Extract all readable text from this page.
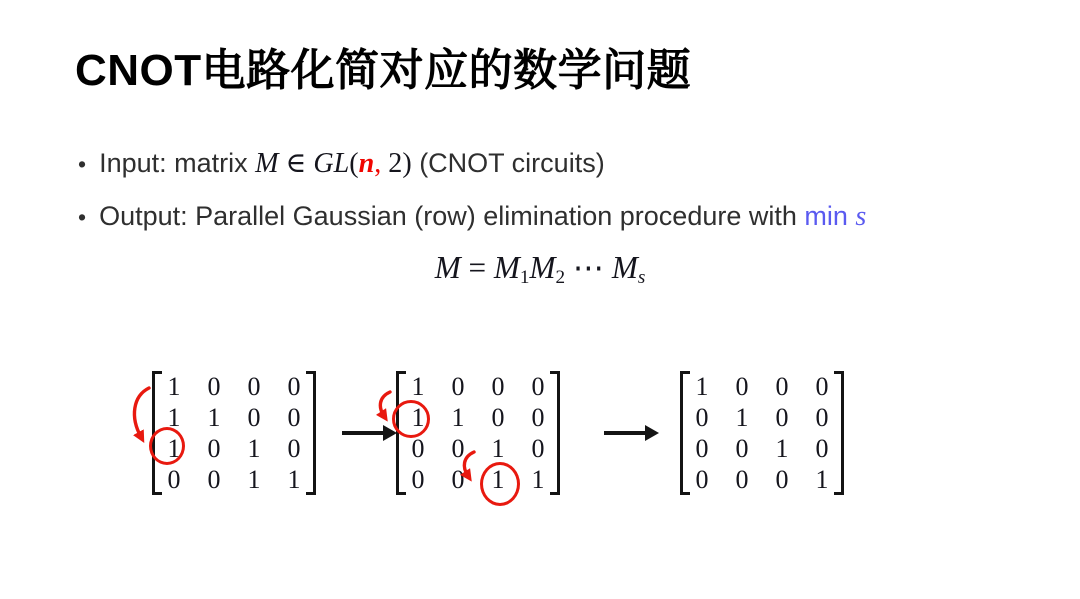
CNOT电路化简对应的数学问题
• Input: matrix M ∈ GL(n, 2) (CNOT circuits)
• Output: Parallel Gaussian (row) elimination procedure with min s
M = M1M2 ⋯ Ms
1 0 0 0
1 1 0 0
1 0 1 0
0 0 1 1
1 0 0 0
1 1 0 0
0 0 1 0
0 0 1 1
1 0 0 0
0 1 0 0
0 0 1 0
0 0 0 1
